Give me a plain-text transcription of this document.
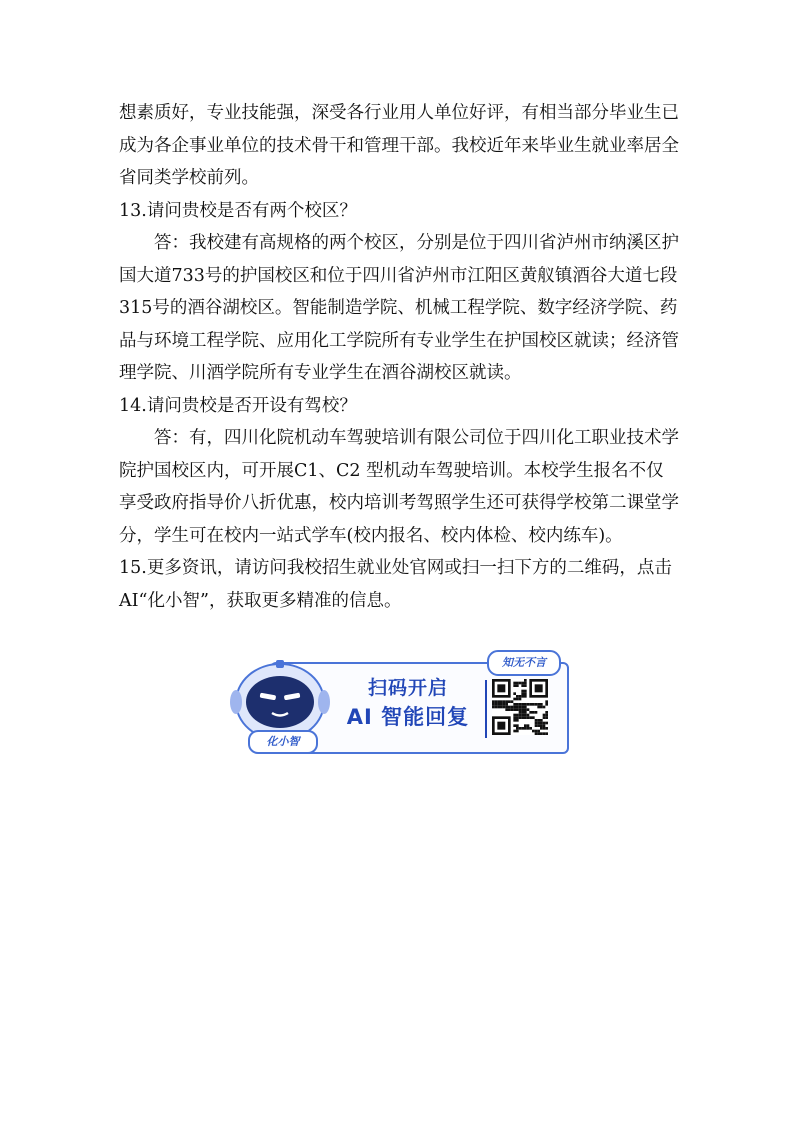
想素质好，专业技能强，深受各行业用人单位好评，有相当部分毕业生已成为各企事业单位的技术骨干和管理干部。我校近年来毕业生就业率居全省同类学校前列。

13.请问贵校是否有两个校区？

答：我校建有高规格的两个校区，分别是位于四川省泸州市纳溪区护国大道733号的护国校区和位于四川省泸州市江阳区黄舣镇酒谷大道七段315号的酒谷湖校区。智能制造学院、机械工程学院、数字经济学院、药品与环境工程学院、应用化工学院所有专业学生在护国校区就读；经济管理学院、川酒学院所有专业学生在酒谷湖校区就读。

14.请问贵校是否开设有驾校？

答：有，四川化院机动车驾驶培训有限公司位于四川化工职业技术学院护国校区内，可开展C1、C2 型机动车驾驶培训。本校学生报名不仅享受政府指导价八折优惠，校内培训考驾照学生还可获得学校第二课堂学分，学生可在校内一站式学车(校内报名、校内体检、校内练车)。

15.更多资讯，请访问我校招生就业处官网或扫一扫下方的二维码，点击AI“化小智”，获取更多精准的信息。

知无不言
化小智
扫码开启
AI 智能回复
